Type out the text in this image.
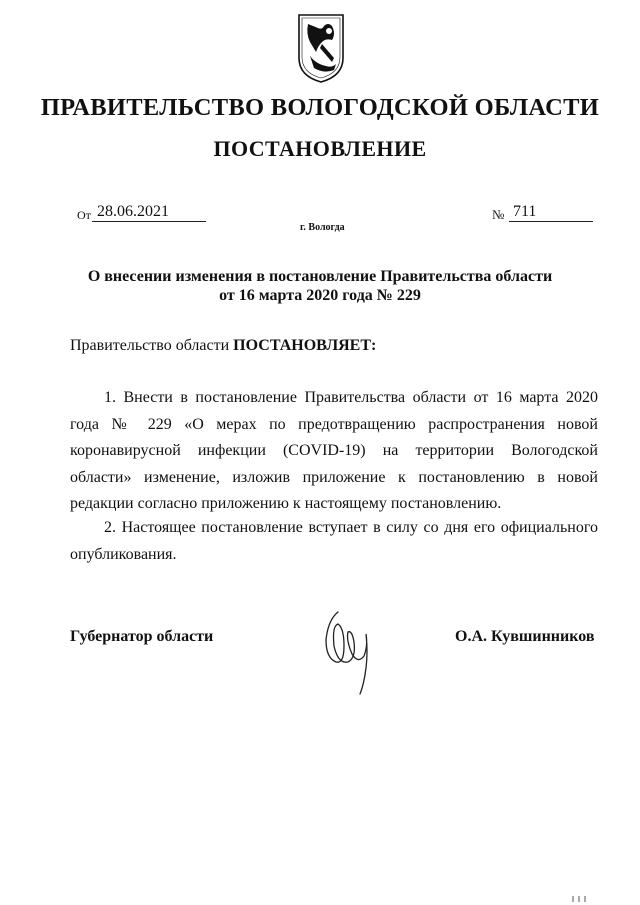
ПРАВИТЕЛЬСТВО ВОЛОГОДСКОЙ ОБЛАСТИ
ПОСТАНОВЛЕНИЕ
От 28.06.2021	№ 711
г. Вологда
О внесении изменения в постановление Правительства области
от 16 марта 2020 года № 229
Правительство области ПОСТАНОВЛЯЕТ:
1. Внести в постановление Правительства области от 16 марта 2020 года № 229 «О мерах по предотвращению распространения новой коронавирусной инфекции (COVID-19) на территории Вологодской области» изменение, изложив приложение к постановлению в новой редакции согласно приложению к настоящему постановлению.
2. Настоящее постановление вступает в силу со дня его официального опубликования.
Губернатор области	О.А. Кувшинников
